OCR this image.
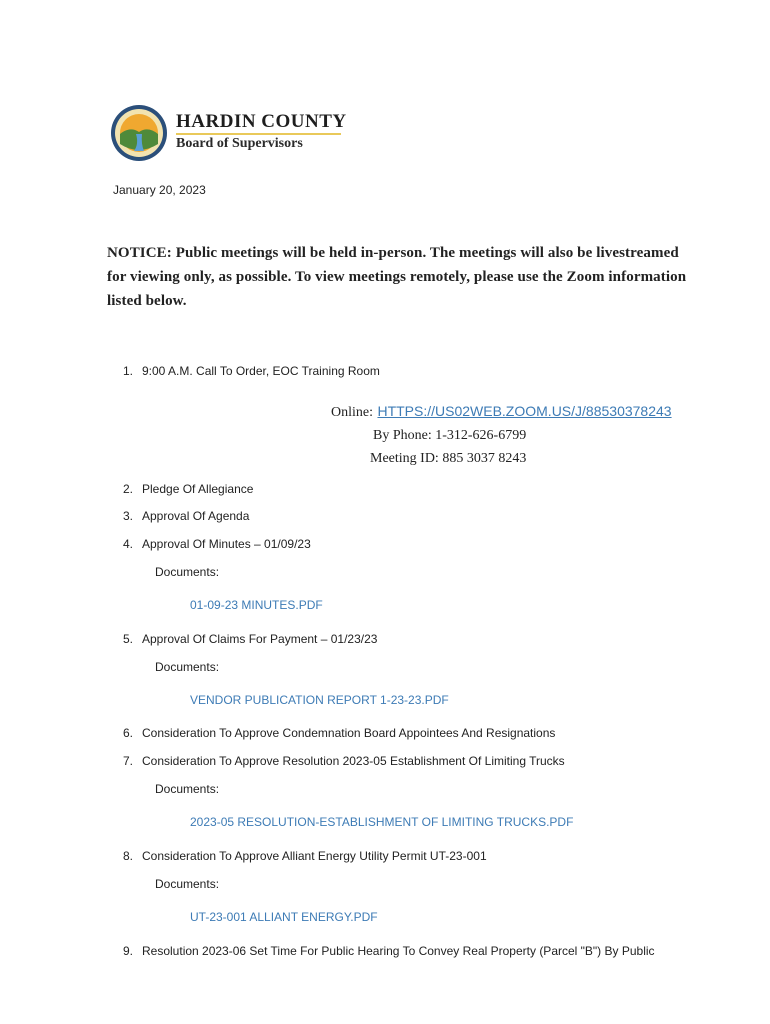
HARDIN COUNTY
Board of Supervisors
January 20, 2023
NOTICE: Public meetings will be held in-person. The meetings will also be livestreamed for viewing only, as possible. To view meetings remotely, please use the Zoom information listed below.
1. 9:00 A.M. Call To Order, EOC Training Room
Online: HTTPS://US02WEB.ZOOM.US/J/88530378243
By Phone: 1-312-626-6799
Meeting ID: 885 3037 8243
2. Pledge Of Allegiance
3. Approval Of Agenda
4. Approval Of Minutes – 01/09/23
Documents:
01-09-23 MINUTES.PDF
5. Approval Of Claims For Payment – 01/23/23
Documents:
VENDOR PUBLICATION REPORT 1-23-23.PDF
6. Consideration To Approve Condemnation Board Appointees And Resignations
7. Consideration To Approve Resolution 2023-05 Establishment Of Limiting Trucks
Documents:
2023-05 RESOLUTION-ESTABLISHMENT OF LIMITING TRUCKS.PDF
8. Consideration To Approve Alliant Energy Utility Permit UT-23-001
Documents:
UT-23-001 ALLIANT ENERGY.PDF
9. Resolution 2023-06 Set Time For Public Hearing To Convey Real Property (Parcel "B") By Public
